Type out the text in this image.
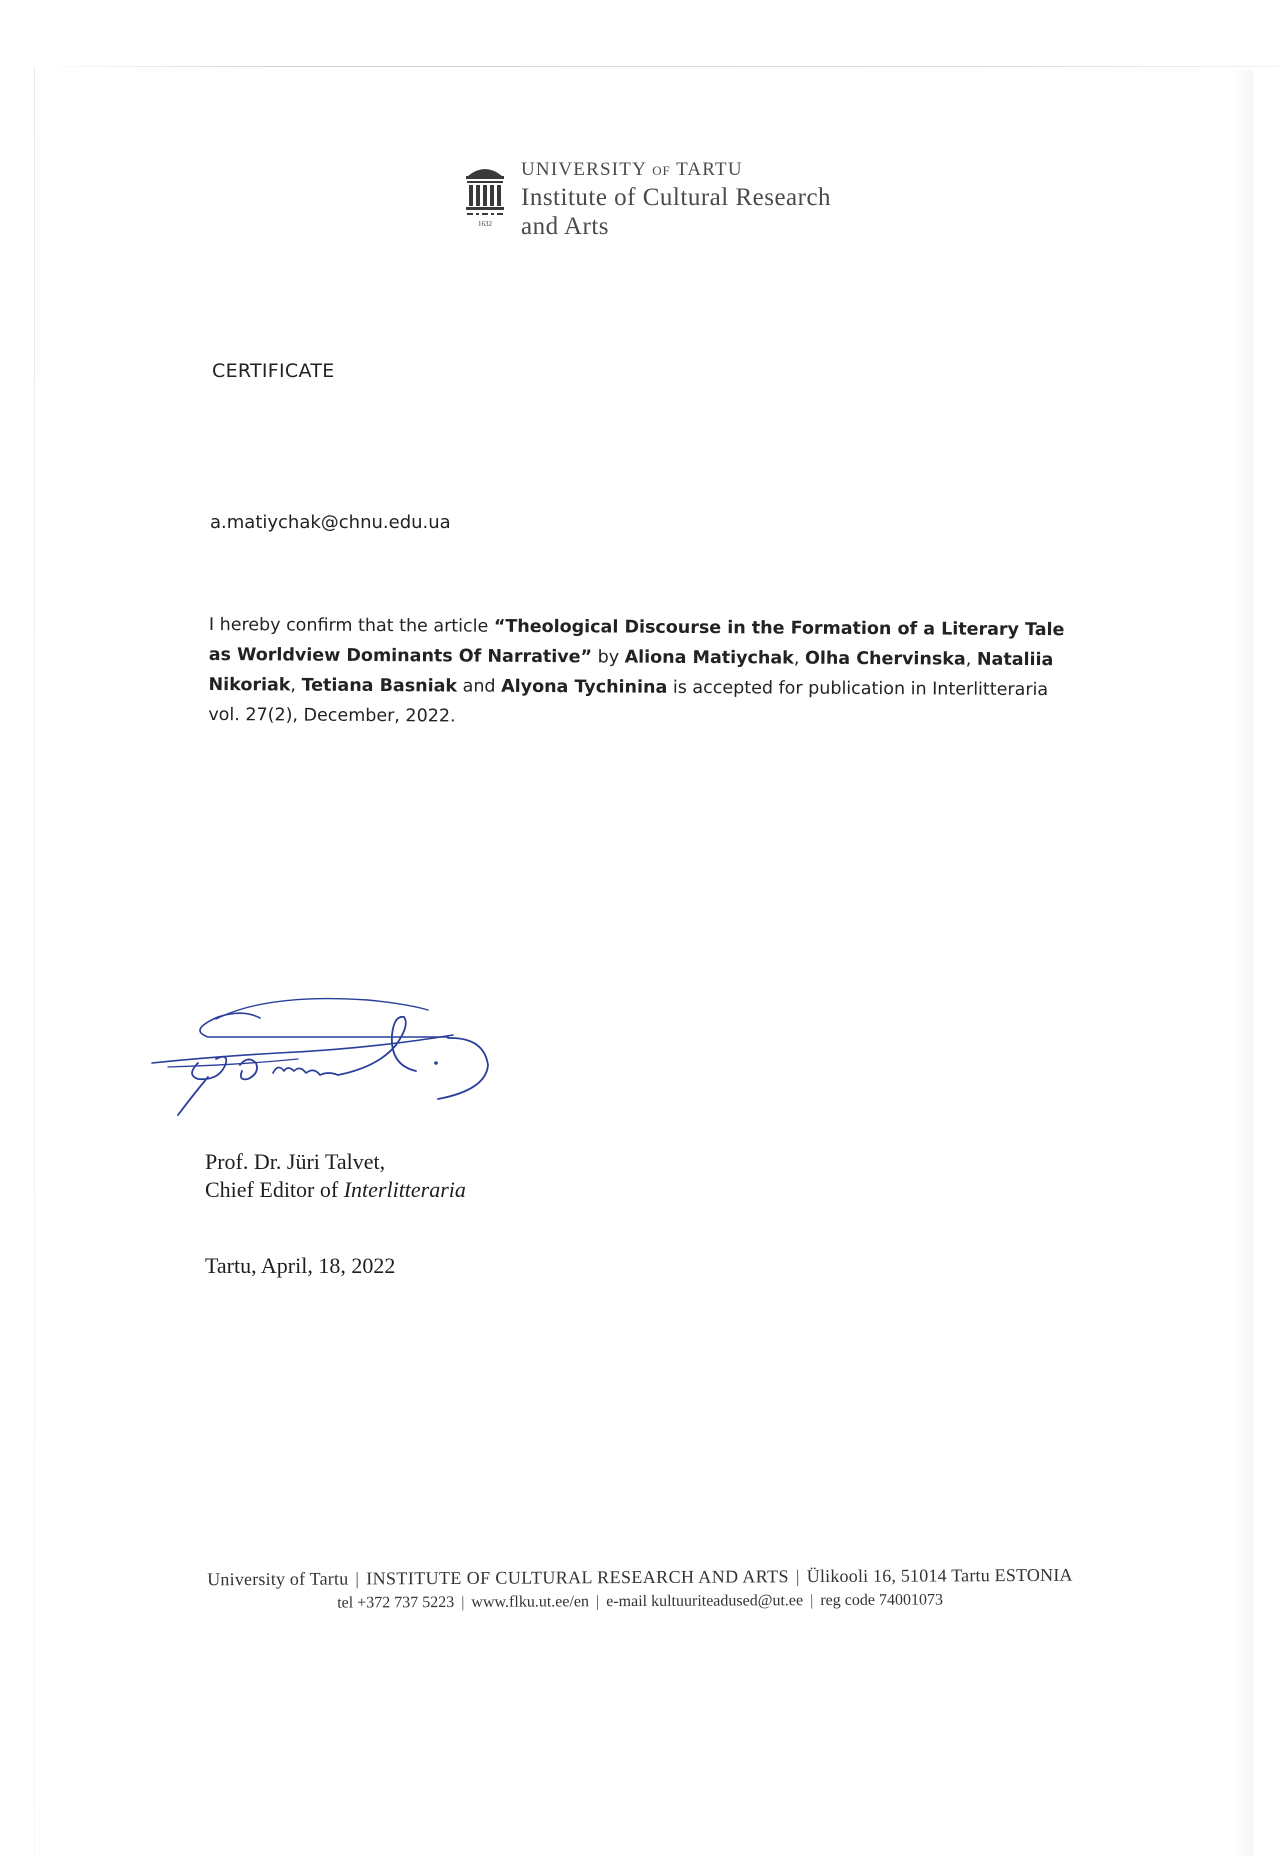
1632
UNIVERSITY OF TARTU
Institute of Cultural Research
and Arts
CERTIFICATE
a.matiychak@chnu.edu.ua
I hereby confirm that the article “Theological Discourse in the Formation of a Literary Tale as Worldview Dominants Of Narrative” by Aliona Matiychak, Olha Chervinska, Nataliia Nikoriak, Tetiana Basniak and Alyona Tychinina is accepted for publication in Interlitteraria vol. 27(2), December, 2022.
Prof. Dr. Jüri Talvet,
Chief Editor of Interlitteraria
Tartu, April, 18, 2022
University of Tartu | INSTITUTE OF CULTURAL RESEARCH AND ARTS | Ülikooli 16, 51014 Tartu ESTONIA
tel +372 737 5223 | www.flku.ut.ee/en | e-mail kultuuriteadused@ut.ee | reg code 74001073
